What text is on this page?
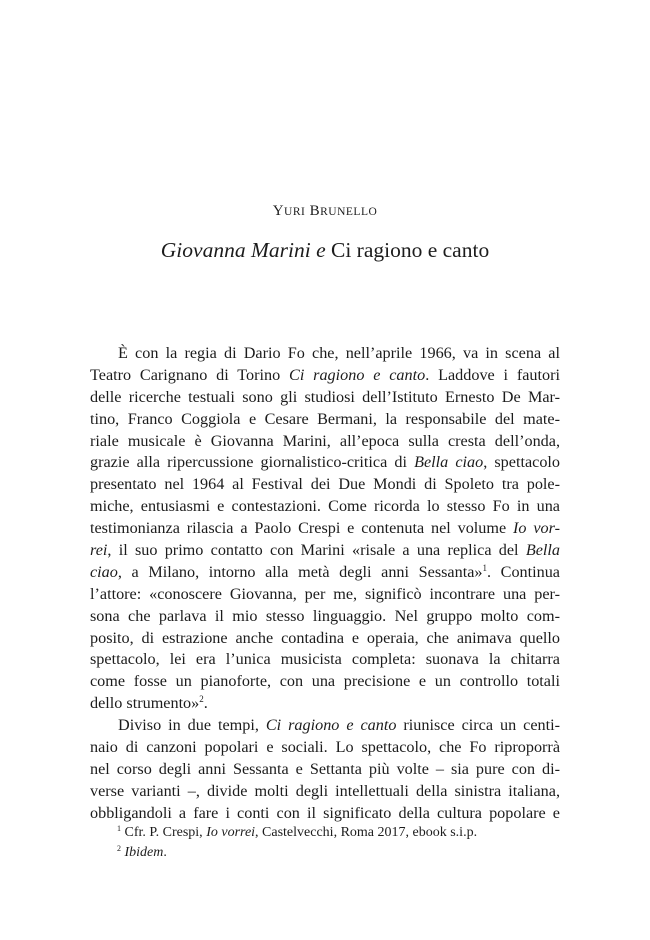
YURI BRUNELLO
Giovanna Marini e Ci ragiono e canto
È con la regia di Dario Fo che, nell’aprile 1966, va in scena al
Teatro Carignano di Torino Ci ragiono e canto. Laddove i fautori
delle ricerche testuali sono gli studiosi dell’Istituto Ernesto De Mar-
tino, Franco Coggiola e Cesare Bermani, la responsabile del mate-
riale musicale è Giovanna Marini, all’epoca sulla cresta dell’onda,
grazie alla ripercussione giornalistico-critica di Bella ciao, spettacolo
presentato nel 1964 al Festival dei Due Mondi di Spoleto tra pole-
miche, entusiasmi e contestazioni. Come ricorda lo stesso Fo in una
testimonianza rilascia a Paolo Crespi e contenuta nel volume Io vor-
rei, il suo primo contatto con Marini «risale a una replica del Bella
ciao, a Milano, intorno alla metà degli anni Sessanta»$^1$. Continua
l’attore: «conoscere Giovanna, per me, significò incontrare una per-
sona che parlava il mio stesso linguaggio. Nel gruppo molto com-
posito, di estrazione anche contadina e operaia, che animava quello
spettacolo, lei era l’unica musicista completa: suonava la chitarra
come fosse un pianoforte, con una precisione e un controllo totali
dello strumento»$^2$.
Diviso in due tempi, Ci ragiono e canto riunisce circa un centi-
naio di canzoni popolari e sociali. Lo spettacolo, che Fo riproporrà
nel corso degli anni Sessanta e Settanta più volte – sia pure con di-
verse varianti –, divide molti degli intellettuali della sinistra italiana,
obbligandoli a fare i conti con il significato della cultura popolare e
$^1$ Cfr. P. Crespi, Io vorrei, Castelvecchi, Roma 2017, ebook s.i.p.
$^2$ Ibidem.
